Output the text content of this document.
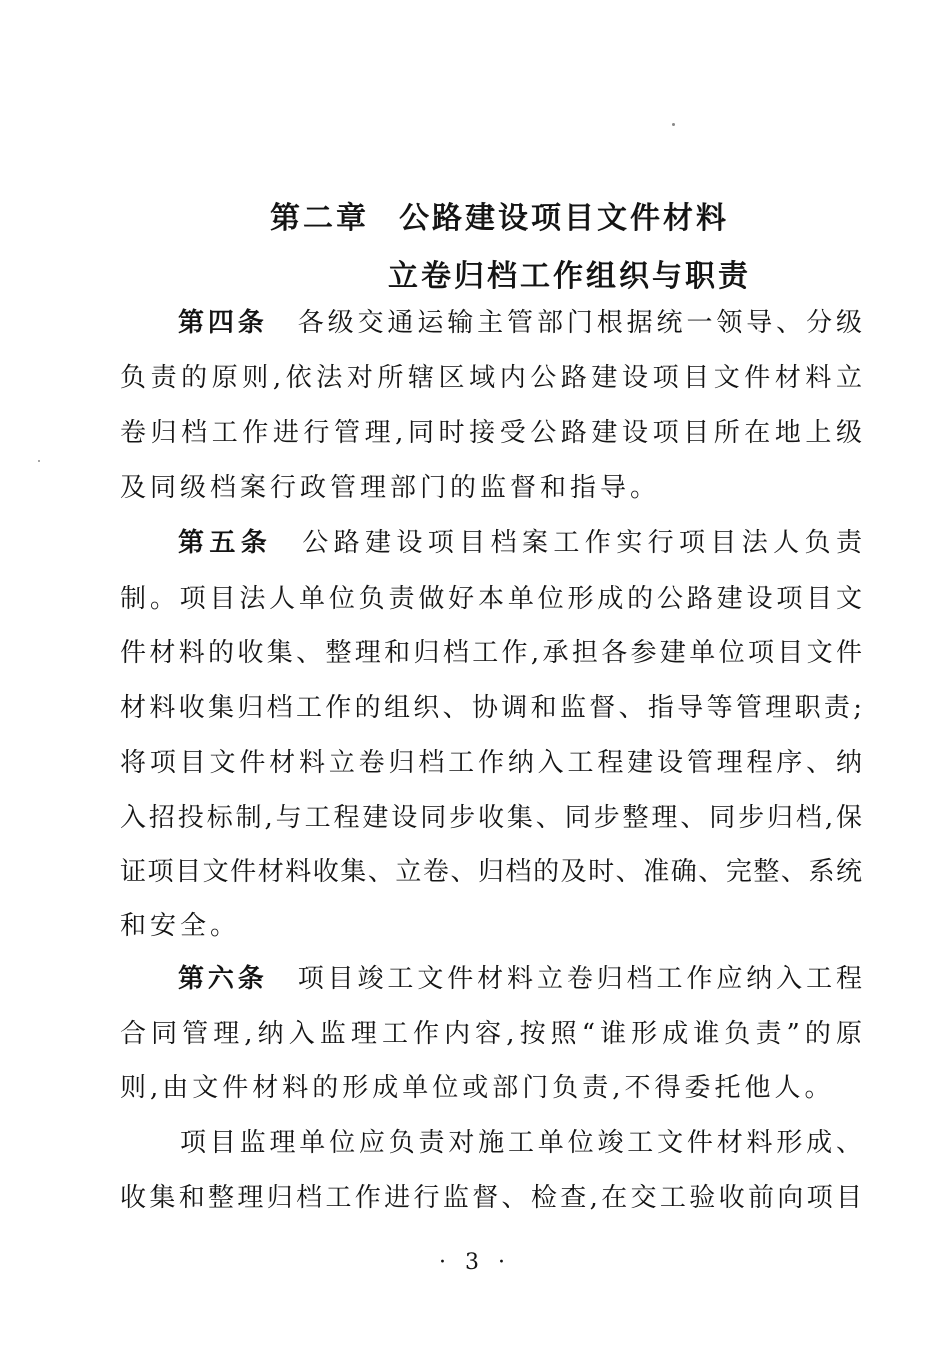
第二章 公路建设项目文件材料
立卷归档工作组织与职责
第四条 各级交通运输主管部门根据统一领导、分级
负责的原则,依法对所辖区域内公路建设项目文件材料立
卷归档工作进行管理,同时接受公路建设项目所在地上级
及同级档案行政管理部门的监督和指导。
第五条 公路建设项目档案工作实行项目法人负责
制。项目法人单位负责做好本单位形成的公路建设项目文
件材料的收集、整理和归档工作,承担各参建单位项目文件
材料收集归档工作的组织、协调和监督、指导等管理职责;
将项目文件材料立卷归档工作纳入工程建设管理程序、纳
入招投标制,与工程建设同步收集、同步整理、同步归档,保
证项目文件材料收集、立卷、归档的及时、准确、完整、系统
和安全。
第六条 项目竣工文件材料立卷归档工作应纳入工程
合同管理,纳入监理工作内容,按照“谁形成谁负责”的原
则,由文件材料的形成单位或部门负责,不得委托他人。
项目监理单位应负责对施工单位竣工文件材料形成、
收集和整理归档工作进行监督、检查,在交工验收前向项目
· 3 ·
